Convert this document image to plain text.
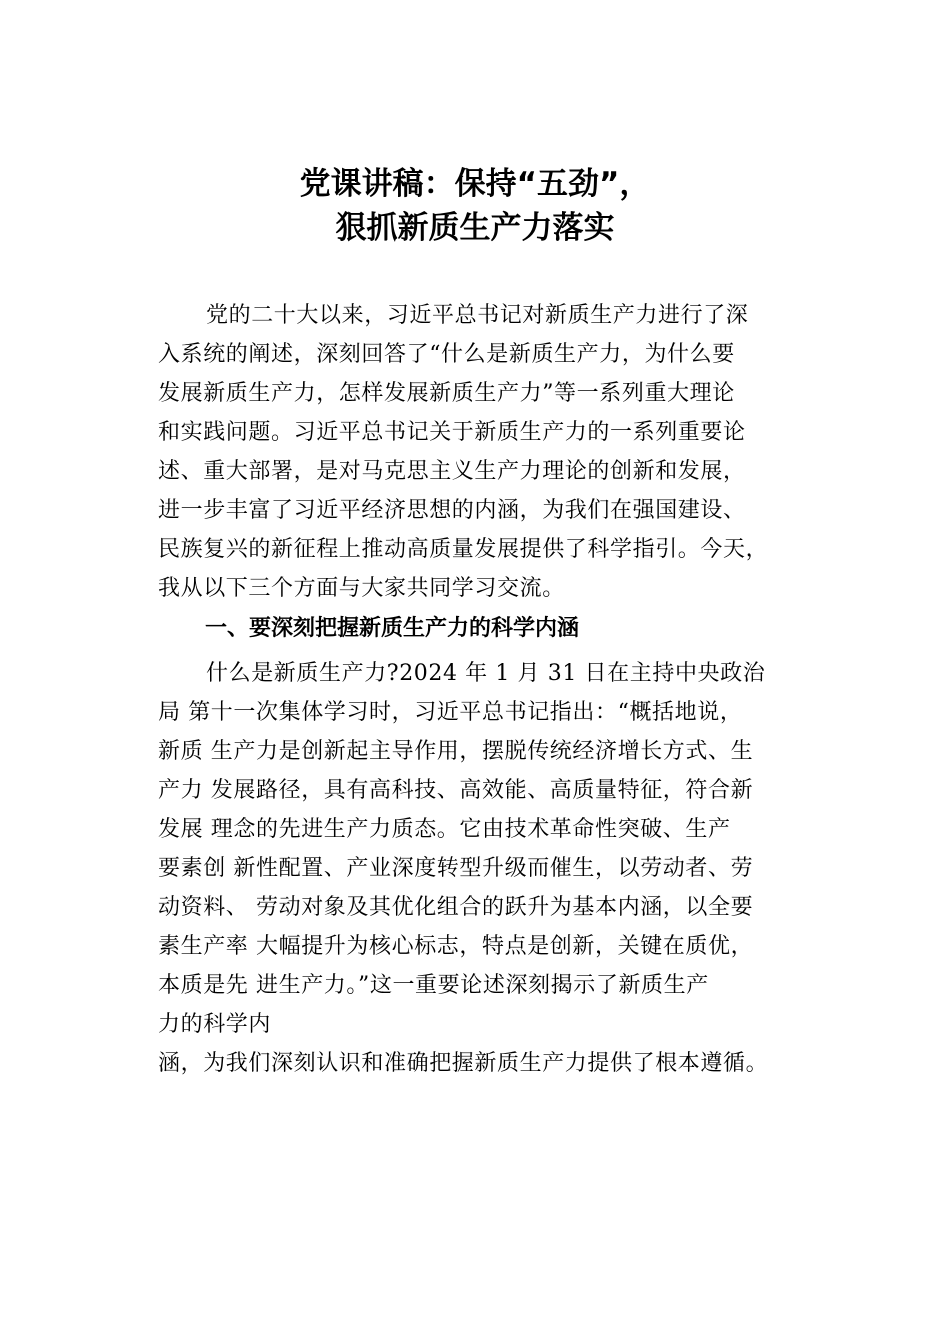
党课讲稿：保持“五劲”，
狠抓新质生产力落实
党的二十大以来，习近平总书记对新质生产力进行了深
入系统的阐述，深刻回答了“什么是新质生产力，为什么要
发展新质生产力，怎样发展新质生产力”等一系列重大理论
和实践问题。习近平总书记关于新质生产力的一系列重要论
述、重大部署，是对马克思主义生产力理论的创新和发展，
进一步丰富了习近平经济思想的内涵，为我们在强国建设、
民族复兴的新征程上推动高质量发展提供了科学指引。今天，
我从以下三个方面与大家共同学习交流。
一、要深刻把握新质生产力的科学内涵
什么是新质生产力?2024 年 1 月 31 日在主持中央政治
局 第十一次集体学习时，习近平总书记指出：“概括地说，
新质 生产力是创新起主导作用，摆脱传统经济增长方式、生
产力 发展路径，具有高科技、高效能、高质量特征，符合新
发展 理念的先进生产力质态。它由技术革命性突破、生产
要素创 新性配置、产业深度转型升级而催生，以劳动者、劳
动资料、 劳动对象及其优化组合的跃升为基本内涵，以全要
素生产率 大幅提升为核心标志，特点是创新，关键在质优，
本质是先 进生产力。”这一重要论述深刻揭示了新质生产
力的科学内
涵，为我们深刻认识和准确把握新质生产力提供了根本遵循。
